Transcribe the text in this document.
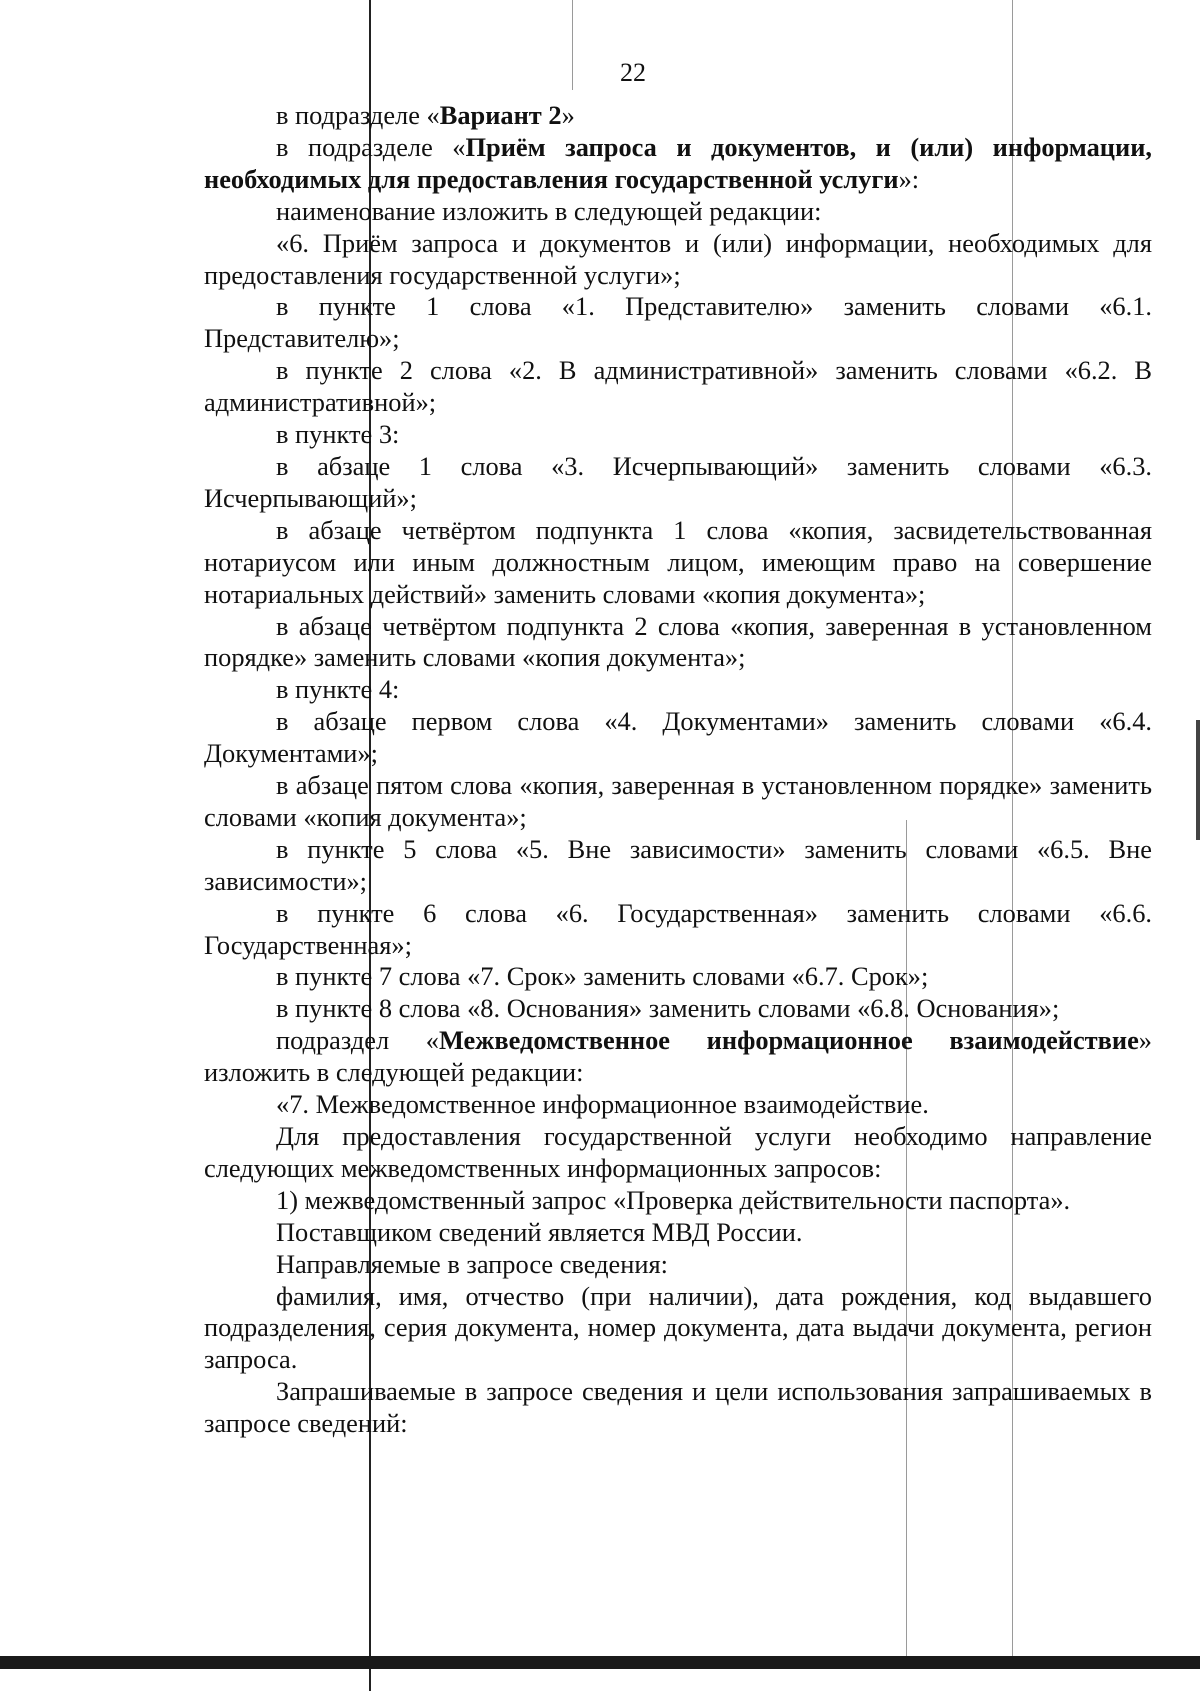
22

в подразделе «Вариант 2»

в подразделе «Приём запроса и документов, и (или) информации, необходимых для предоставления государственной услуги»:

наименование изложить в следующей редакции:

«6. Приём запроса и документов и (или) информации, необходимых для предоставления государственной услуги»;

в пункте 1 слова «1. Представителю» заменить словами «6.1. Представителю»;

в пункте 2 слова «2. В административной» заменить словами «6.2. В административной»;

в пункте 3:

в абзаце 1 слова «3. Исчерпывающий» заменить словами «6.3. Исчерпывающий»;

в абзаце четвёртом подпункта 1 слова «копия, засвидетельствованная нотариусом или иным должностным лицом, имеющим право на совершение нотариальных действий» заменить словами «копия документа»;

в абзаце четвёртом подпункта 2 слова «копия, заверенная в установленном порядке» заменить словами «копия документа»;

в пункте 4:

в абзаце первом слова «4. Документами» заменить словами «6.4. Документами»;

в абзаце пятом слова «копия, заверенная в установленном порядке» заменить словами «копия документа»;

в пункте 5 слова «5. Вне зависимости» заменить словами «6.5. Вне зависимости»;

в пункте 6 слова «6. Государственная» заменить словами «6.6. Государственная»;

в пункте 7 слова «7. Срок» заменить словами «6.7. Срок»;

в пункте 8 слова «8. Основания» заменить словами «6.8. Основания»;

подраздел «Межведомственное информационное взаимодействие» изложить в следующей редакции:

«7. Межведомственное информационное взаимодействие.

Для предоставления государственной услуги необходимо направление следующих межведомственных информационных запросов:

1) межведомственный запрос «Проверка действительности паспорта».

Поставщиком сведений является МВД России.

Направляемые в запросе сведения:

фамилия, имя, отчество (при наличии), дата рождения, код выдавшего подразделения, серия документа, номер документа, дата выдачи документа, регион запроса.

Запрашиваемые в запросе сведения и цели использования запрашиваемых в запросе сведений:
